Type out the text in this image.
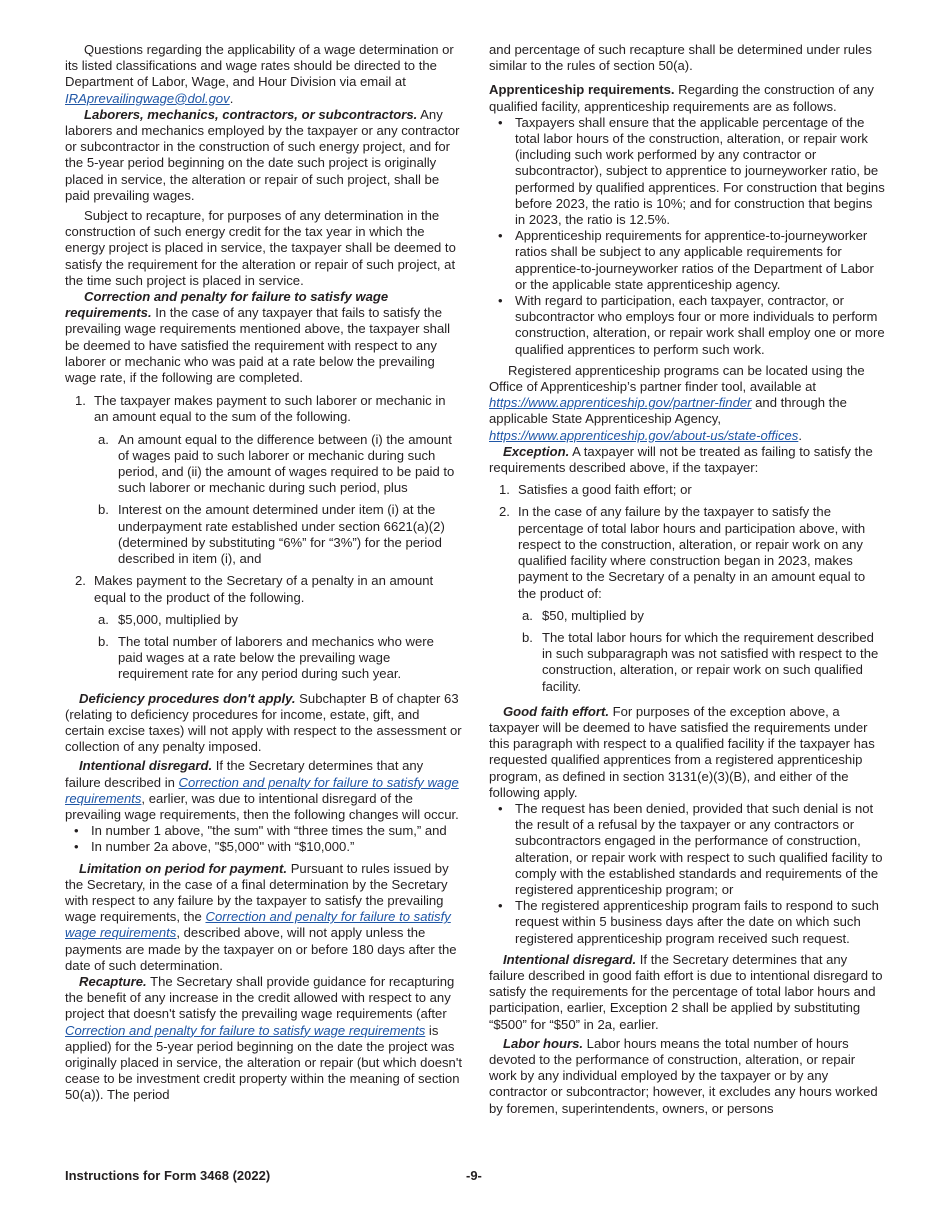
Questions regarding the applicability of a wage determination or its listed classifications and wage rates should be directed to the Department of Labor, Wage, and Hour Division via email at IRAprevailingwage@dol.gov.

Laborers, mechanics, contractors, or subcontractors. Any laborers and mechanics employed by the taxpayer or any contractor or subcontractor in the construction of such energy project, and for the 5-year period beginning on the date such project is originally placed in service, the alteration or repair of such project, shall be paid prevailing wages.

Subject to recapture, for purposes of any determination in the construction of such energy credit for the tax year in which the energy project is placed in service, the taxpayer shall be deemed to satisfy the requirement for the alteration or repair of such project, at the time such project is placed in service.

Correction and penalty for failure to satisfy wage requirements. In the case of any taxpayer that fails to satisfy the prevailing wage requirements mentioned above, the taxpayer shall be deemed to have satisfied the requirement with respect to any laborer or mechanic who was paid at a rate below the prevailing wage rate, if the following are completed.

1. The taxpayer makes payment to such laborer or mechanic in an amount equal to the sum of the following.
a. An amount equal to the difference between (i) the amount of wages paid to such laborer or mechanic during such period, and (ii) the amount of wages required to be paid to such laborer or mechanic during such period, plus
b. Interest on the amount determined under item (i) at the underpayment rate established under section 6621(a)(2) (determined by substituting “6%” for “3%”) for the period described in item (i), and
2. Makes payment to the Secretary of a penalty in an amount equal to the product of the following.
a. $5,000, multiplied by
b. The total number of laborers and mechanics who were paid wages at a rate below the prevailing wage requirement rate for any period during such year.

Deficiency procedures don't apply. Subchapter B of chapter 63 (relating to deficiency procedures for income, estate, gift, and certain excise taxes) will not apply with respect to the assessment or collection of any penalty imposed.

Intentional disregard. If the Secretary determines that any failure described in Correction and penalty for failure to satisfy wage requirements, earlier, was due to intentional disregard of the prevailing wage requirements, then the following changes will occur.

• In number 1 above, "the sum" with “three times the sum,” and
• In number 2a above, "$5,000" with “$10,000.”

Limitation on period for payment. Pursuant to rules issued by the Secretary, in the case of a final determination by the Secretary with respect to any failure by the taxpayer to satisfy the prevailing wage requirements, the Correction and penalty for failure to satisfy wage requirements, described above, will not apply unless the payments are made by the taxpayer on or before 180 days after the date of such determination.

Recapture. The Secretary shall provide guidance for recapturing the benefit of any increase in the credit allowed with respect to any project that doesn't satisfy the prevailing wage requirements (after Correction and penalty for failure to satisfy wage requirements is applied) for the 5-year period beginning on the date the project was originally placed in service, the alteration or repair (but which doesn't cease to be investment credit property within the meaning of section 50(a)). The period

and percentage of such recapture shall be determined under rules similar to the rules of section 50(a).

Apprenticeship requirements. Regarding the construction of any qualified facility, apprenticeship requirements are as follows.

• Taxpayers shall ensure that the applicable percentage of the total labor hours of the construction, alteration, or repair work (including such work performed by any contractor or subcontractor), subject to apprentice to journeyworker ratio, be performed by qualified apprentices. For construction that begins before 2023, the ratio is 10%; and for construction that begins in 2023, the ratio is 12.5%.
• Apprenticeship requirements for apprentice-to-journeyworker ratios shall be subject to any applicable requirements for apprentice-to-journeyworker ratios of the Department of Labor or the applicable state apprenticeship agency.
• With regard to participation, each taxpayer, contractor, or subcontractor who employs four or more individuals to perform construction, alteration, or repair work shall employ one or more qualified apprentices to perform such work.

Registered apprenticeship programs can be located using the Office of Apprenticeship’s partner finder tool, available at https://www.apprenticeship.gov/partner-finder and through the applicable State Apprenticeship Agency, https://www.apprenticeship.gov/about-us/state-offices.

Exception. A taxpayer will not be treated as failing to satisfy the requirements described above, if the taxpayer:

1. Satisfies a good faith effort; or
2. In the case of any failure by the taxpayer to satisfy the percentage of total labor hours and participation above, with respect to the construction, alteration, or repair work on any qualified facility where construction began in 2023, makes payment to the Secretary of a penalty in an amount equal to the product of:
a. $50, multiplied by
b. The total labor hours for which the requirement described in such subparagraph was not satisfied with respect to the construction, alteration, or repair work on such qualified facility.

Good faith effort. For purposes of the exception above, a taxpayer will be deemed to have satisfied the requirements under this paragraph with respect to a qualified facility if the taxpayer has requested qualified apprentices from a registered apprenticeship program, as defined in section 3131(e)(3)(B), and either of the following apply.

• The request has been denied, provided that such denial is not the result of a refusal by the taxpayer or any contractors or subcontractors engaged in the performance of construction, alteration, or repair work with respect to such qualified facility to comply with the established standards and requirements of the registered apprenticeship program; or
• The registered apprenticeship program fails to respond to such request within 5 business days after the date on which such registered apprenticeship program received such request.

Intentional disregard. If the Secretary determines that any failure described in good faith effort is due to intentional disregard to satisfy the requirements for the percentage of total labor hours and participation, earlier, Exception 2 shall be applied by substituting “$500” for “$50” in 2a, earlier.

Labor hours. Labor hours means the total number of hours devoted to the performance of construction, alteration, or repair work by any individual employed by the taxpayer or by any contractor or subcontractor; however, it excludes any hours worked by foremen, superintendents, owners, or persons

Instructions for Form 3468 (2022)	-9-
